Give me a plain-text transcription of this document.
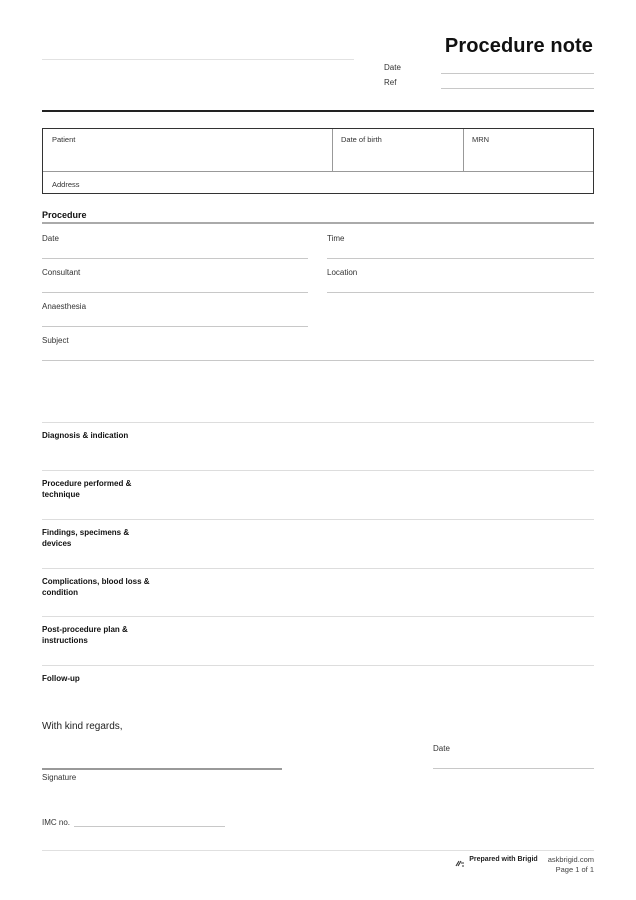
Procedure note
Date
Ref
Patient	Date of birth	MRN
Address
Procedure
Date	Time
Consultant	Location
Anaesthesia
Subject
Diagnosis & indication
Procedure performed & technique
Findings, specimens & devices
Complications, blood loss & condition
Post-procedure plan & instructions
Follow-up
With kind regards,
Date
Signature
IMC no.
Prepared with Brigid askbrigid.com
Page 1 of 1
